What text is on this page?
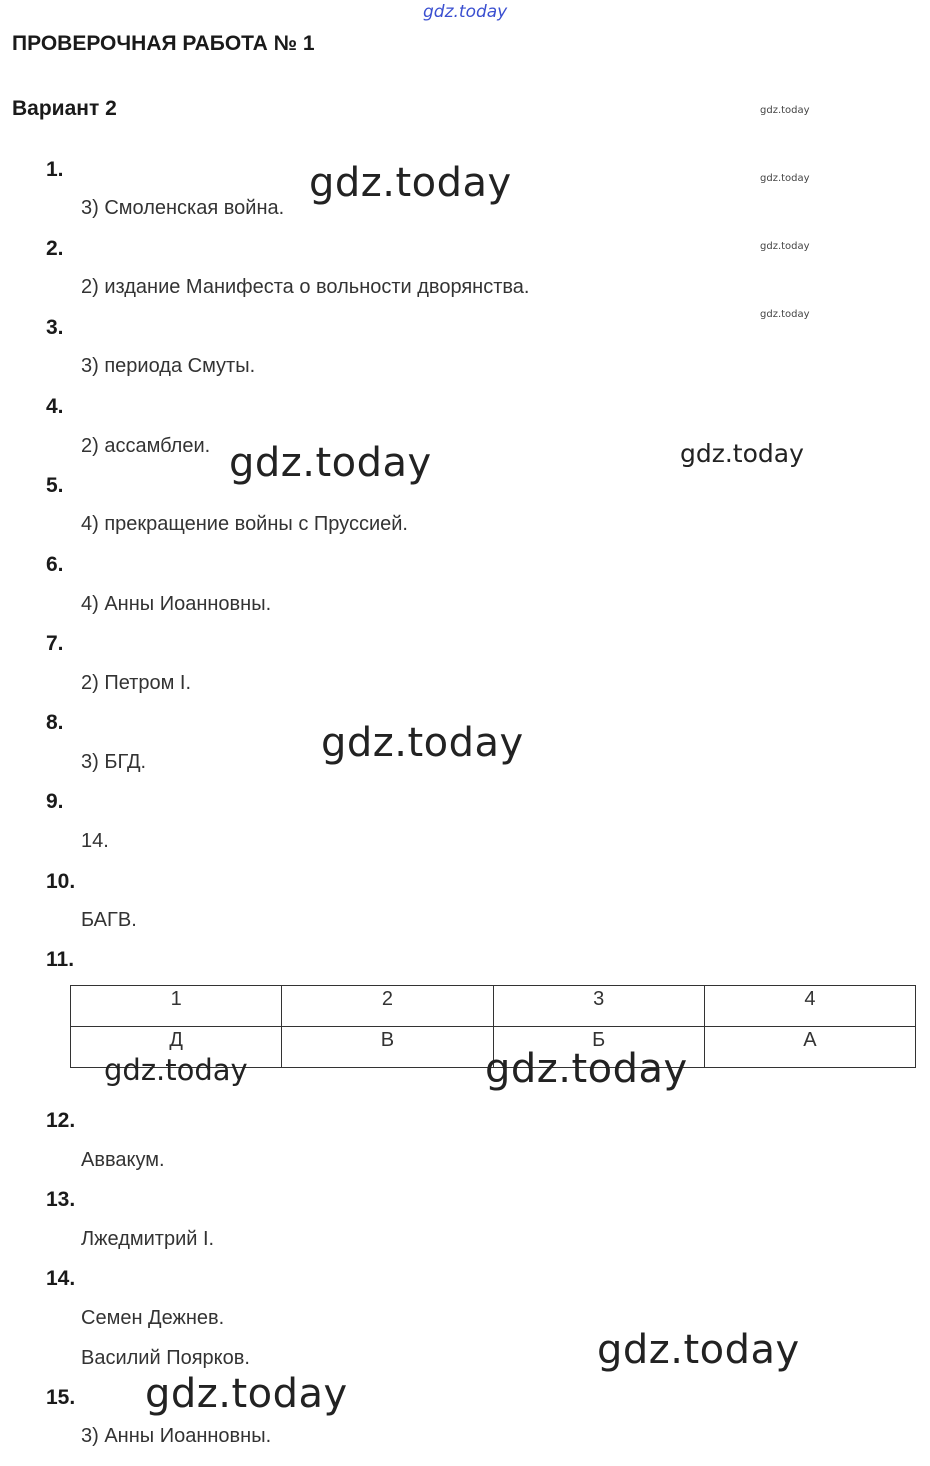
gdz.today
ПРОВЕРОЧНАЯ РАБОТА № 1
Вариант 2	gdz.today
gdz.today
gdz.today
gdz.today
1.
3) Смоленская война.
2.
2) издание Манифеста о вольности дворянства.
3.
3) периода Смуты.
4.
2) ассамблеи.
5.
4) прекращение войны с Пруссией.
6.
4) Анны Иоанновны.
7.
2) Петром I.
8.
3) БГД.
9.
14.
10.
БАГВ.
11.
1	2	3	4
Д	В	Б	А
12.
Аввакум.
13.
Лжедмитрий I.
14.
Семен Дежнев.
Василий Поярков.
15.
3) Анны Иоанновны.
gdz.today
gdz.today	gdz.today
gdz.today
gdz.today	gdz.today
gdz.today
gdz.today
